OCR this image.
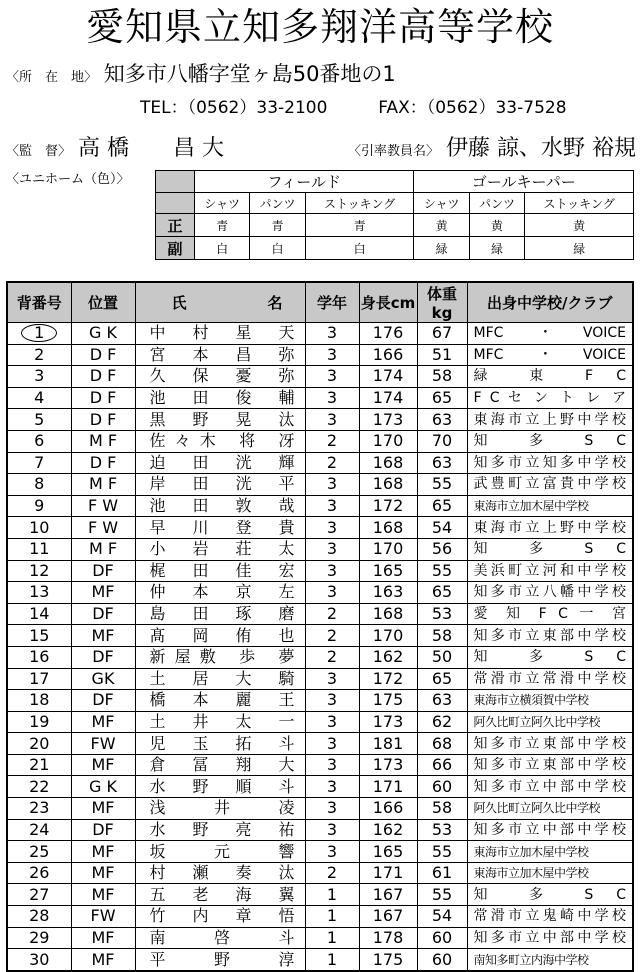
愛知県立知多翔洋高等学校
〈所　在　地〉 知多市八幡字堂ヶ島50番地の1
TEL：（0562）33-2100	FAX：（0562）33-7528
〈監　督〉 高 橋　　昌 大	〈引率教員名〉 伊藤 諒、水野 裕規
〈ユニホーム（色）〉
		フィールド			ゴールキーパー		
	シャツ	パンツ	ストッキング	シャツ	パンツ	ストッキング
正	青	青	青	黄	黄	黄
副	白	白	白	緑	緑	緑
背番号	位置	氏 名	学年	身長cm	体重kg	出身中学校/クラブ
1	G K	中 村 星 天	3	176	67	MFC ・VOICE
2	D F	宮 本 昌 弥	3	166	51	MFC ・VOICE
3	D F	久 保 憂 弥	3	174	58	緑 東 F C
4	D F	池 田 俊 輔	3	174	65	F C セ ン ト レ ア
5	D F	黒 野 晃 汰	3	173	63	東海市立上野中学校
6	M F	佐々木 将 冴	2	170	70	知 多 S C
7	D F	迫 田 洸 輝	2	168	63	知多市立知多中学校
8	M F	岸 田 洸 平	3	168	55	武豊町立富貴中学校
9	F W	池 田 敦 哉	3	172	65	東海市立加木屋中学校
10	F W	早 川 登 貴	3	168	54	東海市立上野中学校
11	M F	小 岩 荘 太	3	170	56	知 多 S C
12	DF	梶 田 佳 宏	3	165	55	美浜町立河和中学校
13	MF	仲 本 京 左	3	163	65	知多市立八幡中学校
14	DF	島 田 琢 磨	2	168	53	愛 知 F C 一 宮
15	MF	髙 岡 侑 也	2	170	58	知多市立東部中学校
16	DF	新屋敷 歩 夢	2	162	50	知 多 S C
17	GK	土 居 大 騎	3	172	65	常滑市立常滑中学校
18	DF	橋 本 麗 王	3	175	63	東海市立横須賀中学校
19	MF	土 井 太 一	3	173	62	阿久比町立阿久比中学校
20	FW	児 玉 拓 斗	3	181	68	知多市立東部中学校
21	MF	倉 冨 翔 大	3	173	66	知多市立東部中学校
22	G K	水 野 順 斗	3	171	60	知多市立中部中学校
23	MF	浅 井 凌	3	166	58	阿久比町立阿久比中学校
24	DF	水 野 亮 祐	3	162	53	知多市立中部中学校
25	MF	坂 元 響	3	165	55	東海市立加木屋中学校
26	MF	村 瀬 奏 汰	2	171	61	東海市立加木屋中学校
27	MF	五 老 海 翼	1	167	55	知 多 S C
28	FW	竹 内 章 悟	1	167	54	常滑市立鬼崎中学校
29	MF	南 啓 斗	1	178	60	知多市立中部中学校
30	MF	平 野 淳	1	175	60	南知多町立内海中学校
